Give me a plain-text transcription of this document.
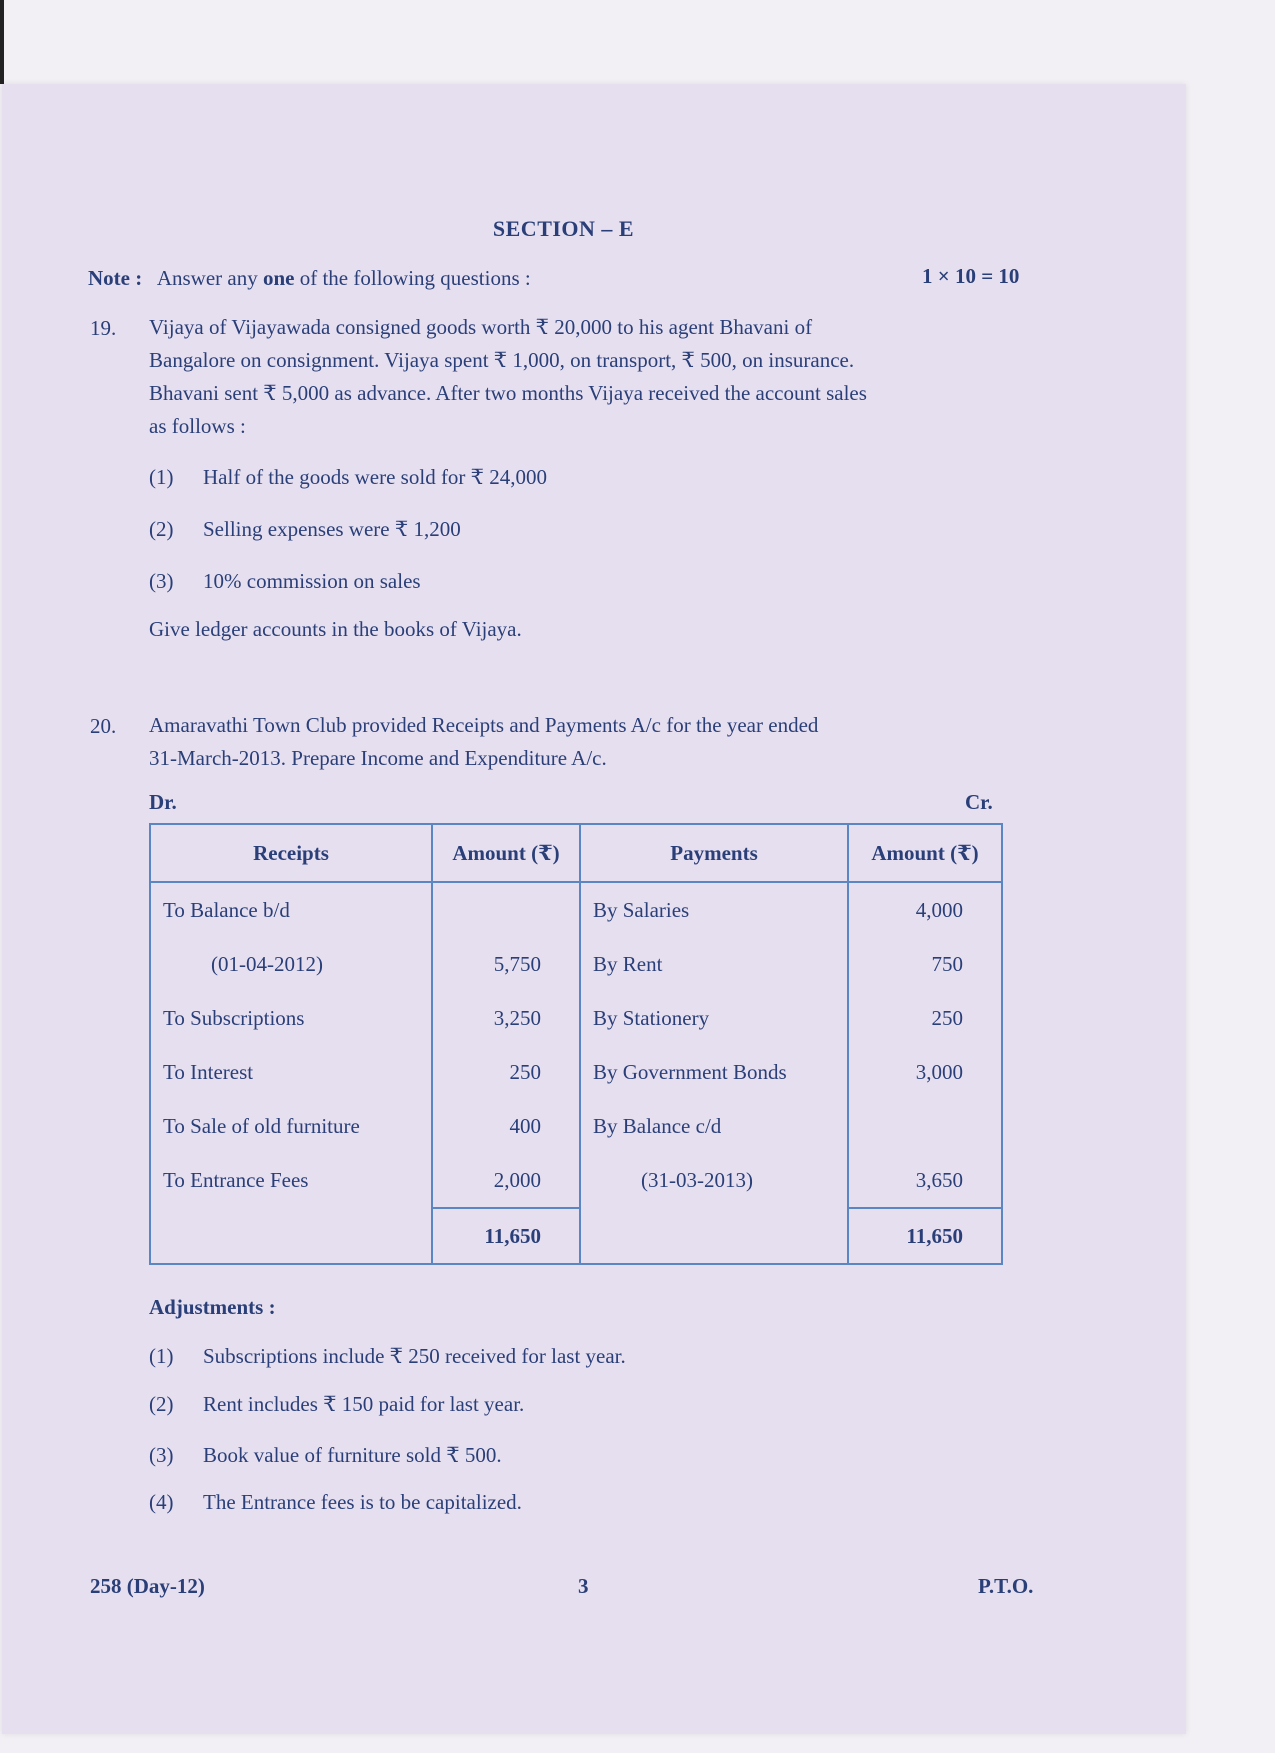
SECTION – E
Note : Answer any one of the following questions :	1 × 10 = 10
19. Vijaya of Vijayawada consigned goods worth ₹ 20,000 to his agent Bhavani of
Bangalore on consignment. Vijaya spent ₹ 1,000, on transport, ₹ 500, on insurance.
Bhavani sent ₹ 5,000 as advance. After two months Vijaya received the account sales
as follows :
(1) Half of the goods were sold for ₹ 24,000
(2) Selling expenses were ₹ 1,200
(3) 10% commission on sales
Give ledger accounts in the books of Vijaya.
20. Amaravathi Town Club provided Receipts and Payments A/c for the year ended
31-March-2013. Prepare Income and Expenditure A/c.
Dr.	Cr.
Receipts	Amount (₹)	Payments	Amount (₹)
To Balance b/d		By Salaries	4,000
(01-04-2012)	5,750	By Rent	750
To Subscriptions	3,250	By Stationery	250
To Interest	250	By Government Bonds	3,000
To Sale of old furniture	400	By Balance c/d	
To Entrance Fees	2,000	(31-03-2013)	3,650
	11,650		11,650
Adjustments :
(1) Subscriptions include ₹ 250 received for last year.
(2) Rent includes ₹ 150 paid for last year.
(3) Book value of furniture sold ₹ 500.
(4) The Entrance fees is to be capitalized.
258 (Day-12)	3	P.T.O.
